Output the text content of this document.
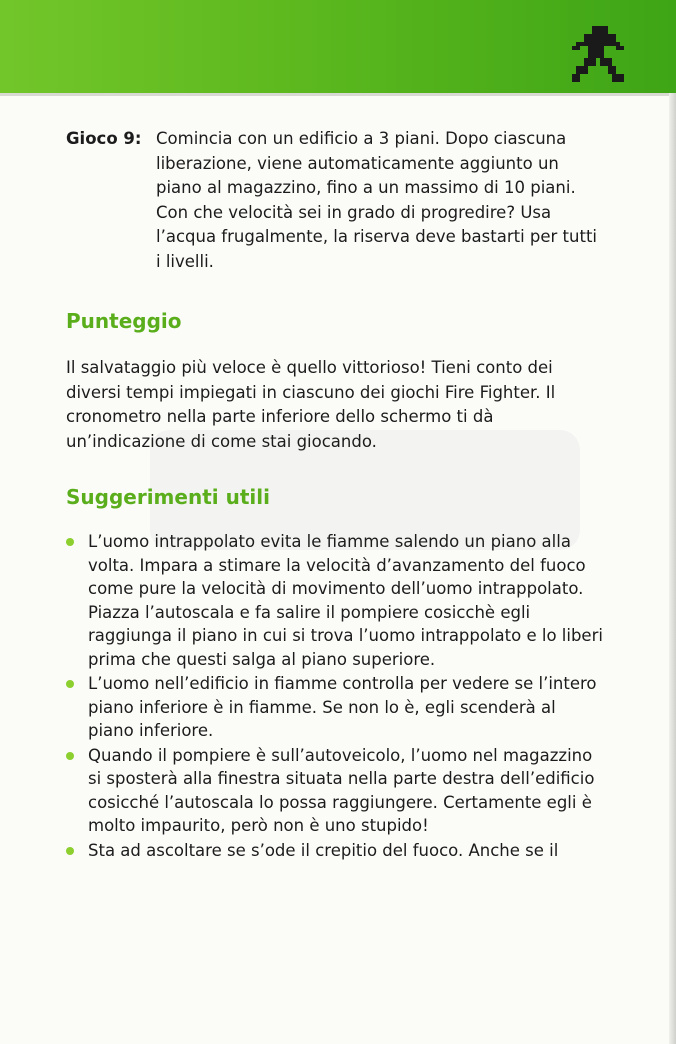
Gioco 9: Comincia con un edificio a 3 piani. Dopo ciascuna liberazione, viene automaticamente aggiunto un piano al magazzino, fino a un massimo di 10 piani. Con che velocità sei in grado di progredire? Usa l’acqua frugalmente, la riserva deve bastarti per tutti i livelli.
Punteggio
Il salvataggio più veloce è quello vittorioso! Tieni conto dei diversi tempi impiegati in ciascuno dei giochi Fire Fighter. Il cronometro nella parte inferiore dello schermo ti dà un’indicazione di come stai giocando.
Suggerimenti utili
L’uomo intrappolato evita le fiamme salendo un piano alla volta. Impara a stimare la velocità d’avanzamento del fuoco come pure la velocità di movimento dell’uomo intrappolato. Piazza l’autoscala e fa salire il pompiere cosicchè egli raggiunga il piano in cui si trova l’uomo intrappolato e lo liberi prima che questi salga al piano superiore.
L’uomo nell’edificio in fiamme controlla per vedere se l’intero piano inferiore è in fiamme. Se non lo è, egli scenderà al piano inferiore.
Quando il pompiere è sull’autoveicolo, l’uomo nel magazzino si sposterà alla finestra situata nella parte destra dell’edificio cosicché l’autoscala lo possa raggiungere. Certamente egli è molto impaurito, però non è uno stupido!
Sta ad ascoltare se s’ode il crepitio del fuoco. Anche se il
